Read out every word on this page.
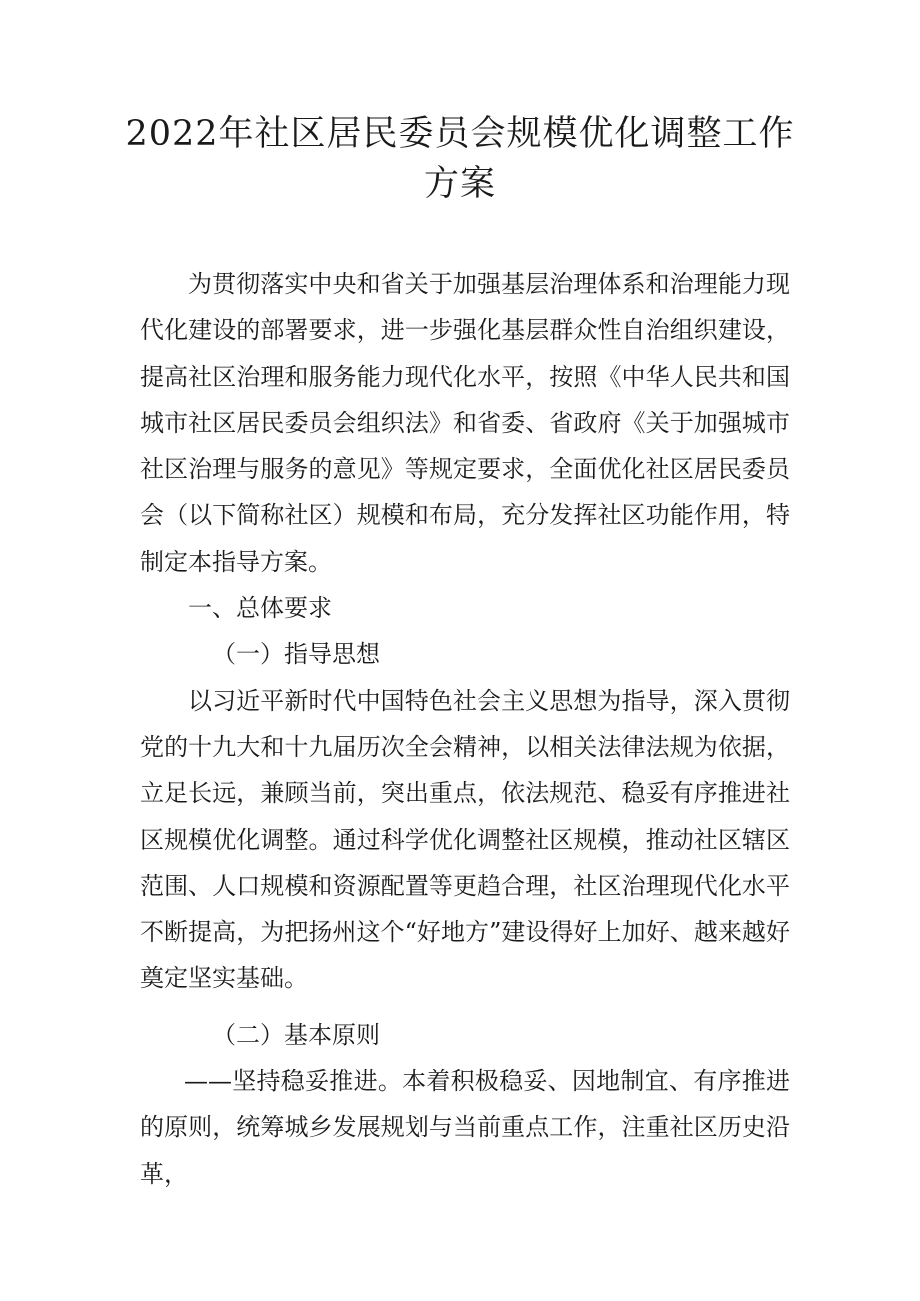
2022年社区居民委员会规模优化调整工作
方案

为贯彻落实中央和省关于加强基层治理体系和治理能力现代化建设的部署要求，进一步强化基层群众性自治组织建设，提高社区治理和服务能力现代化水平，按照《中华人民共和国城市社区居民委员会组织法》和省委、省政府《关于加强城市社区治理与服务的意见》等规定要求，全面优化社区居民委员会（以下简称社区）规模和布局，充分发挥社区功能作用，特制定本指导方案。

一、总体要求

（一）指导思想

以习近平新时代中国特色社会主义思想为指导，深入贯彻党的十九大和十九届历次全会精神，以相关法律法规为依据，立足长远，兼顾当前，突出重点，依法规范、稳妥有序推进社区规模优化调整。通过科学优化调整社区规模，推动社区辖区范围、人口规模和资源配置等更趋合理，社区治理现代化水平不断提高，为把扬州这个“好地方”建设得好上加好、越来越好奠定坚实基础。

（二）基本原则

——坚持稳妥推进。本着积极稳妥、因地制宜、有序推进的原则，统筹城乡发展规划与当前重点工作，注重社区历史沿革，
